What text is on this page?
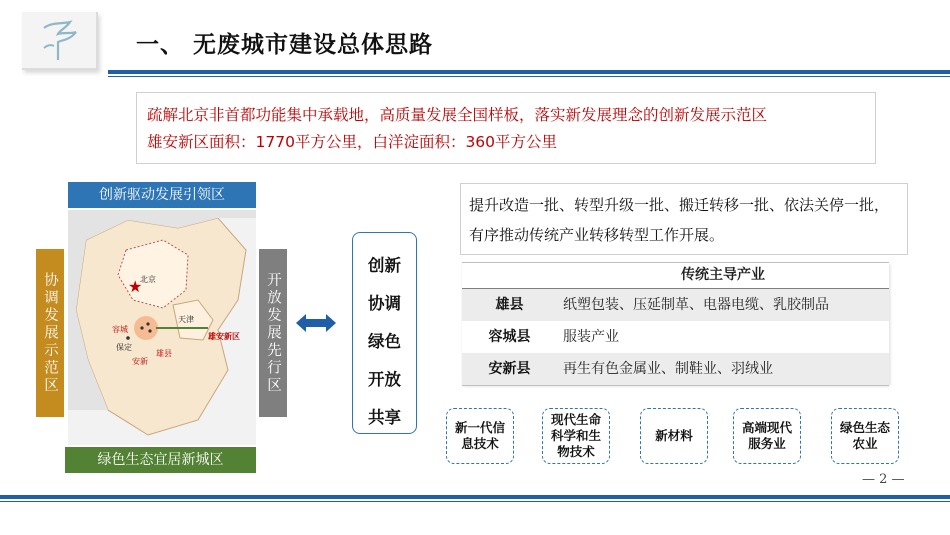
一、 无废城市建设总体思路
疏解北京非首都功能集中承载地，高质量发展全国样板，落实新发展理念的创新发展示范区
雄安新区面积：1770平方公里，白洋淀面积：360平方公里
创新驱动发展引领区
协调发展示范区	开放发展先行区
★
北京
天津
容城
保定
安新
雄县
雄安新区
绿色生态宜居新城区
创新
协调
绿色
开放
共享
提升改造一批、转型升级一批、搬迁转移一批、依法关停一批，有序推动传统产业转移转型工作开展。
传统主导产业
雄县	纸塑包装、压延制革、电器电缆、乳胶制品
容城县	服装产业
安新县	再生有色金属业、制鞋业、羽绒业
新一代信息技术
现代生命科学和生物技术
新材料
高端现代服务业
绿色生态农业
— 2 —
